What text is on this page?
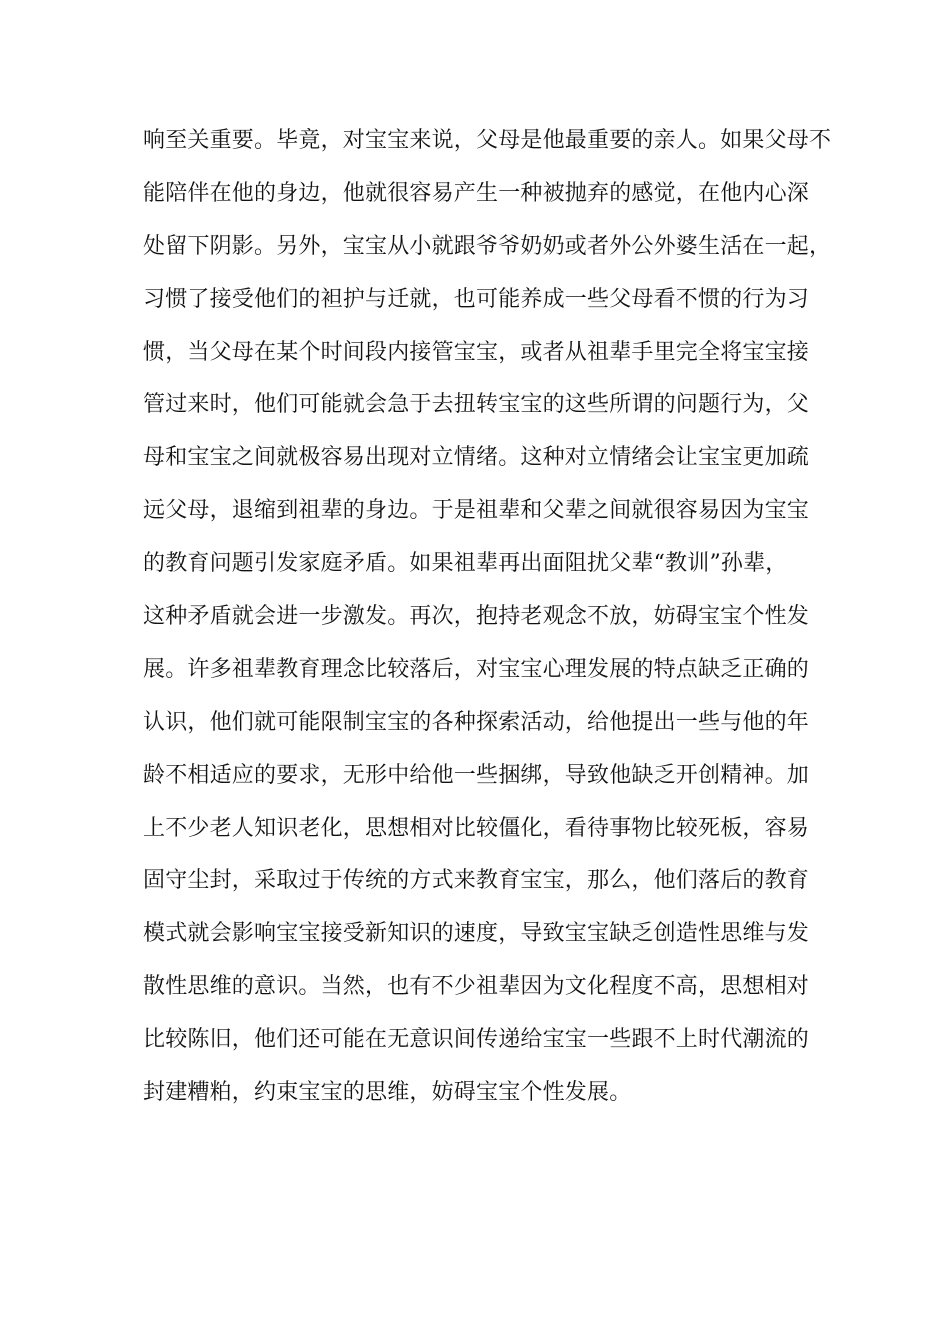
响至关重要。毕竟，对宝宝来说，父母是他最重要的亲人。如果父母不
能陪伴在他的身边，他就很容易产生一种被抛弃的感觉，在他内心深
处留下阴影。另外，宝宝从小就跟爷爷奶奶或者外公外婆生活在一起，
习惯了接受他们的袒护与迁就，也可能养成一些父母看不惯的行为习
惯，当父母在某个时间段内接管宝宝，或者从祖辈手里完全将宝宝接
管过来时，他们可能就会急于去扭转宝宝的这些所谓的问题行为，父
母和宝宝之间就极容易出现对立情绪。这种对立情绪会让宝宝更加疏
远父母，退缩到祖辈的身边。于是祖辈和父辈之间就很容易因为宝宝
的教育问题引发家庭矛盾。如果祖辈再出面阻扰父辈“教训”孙辈，
这种矛盾就会进一步激发。再次，抱持老观念不放，妨碍宝宝个性发
展。许多祖辈教育理念比较落后，对宝宝心理发展的特点缺乏正确的
认识，他们就可能限制宝宝的各种探索活动，给他提出一些与他的年
龄不相适应的要求，无形中给他一些捆绑，导致他缺乏开创精神。加
上不少老人知识老化，思想相对比较僵化，看待事物比较死板，容易
固守尘封，采取过于传统的方式来教育宝宝，那么，他们落后的教育
模式就会影响宝宝接受新知识的速度，导致宝宝缺乏创造性思维与发
散性思维的意识。当然，也有不少祖辈因为文化程度不高，思想相对
比较陈旧，他们还可能在无意识间传递给宝宝一些跟不上时代潮流的
封建糟粕，约束宝宝的思维，妨碍宝宝个性发展。
